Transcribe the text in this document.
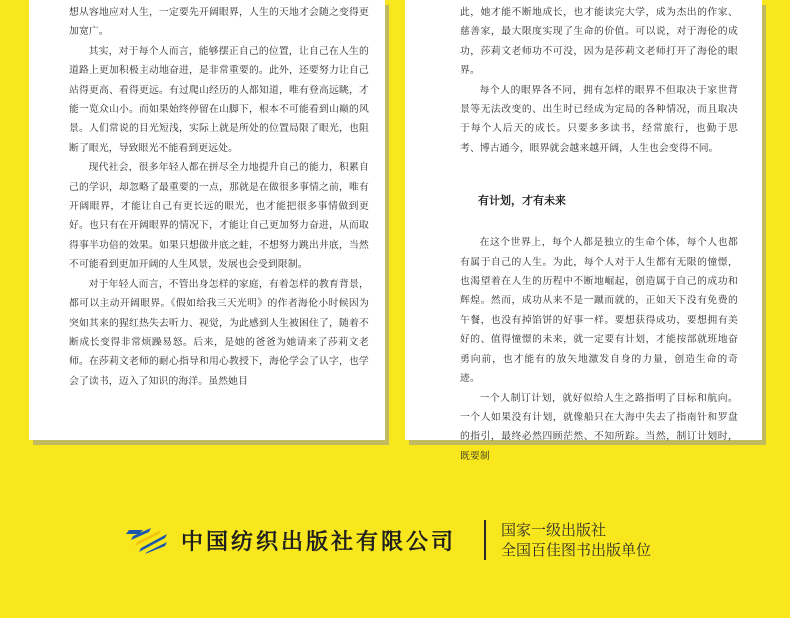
想从容地应对人生，一定要先开阔眼界，人生的天地才会随之变得更加宽广。

其实，对于每个人而言，能够摆正自己的位置，让自己在人生的道路上更加积极主动地奋进，是非常重要的。此外，还要努力让自己站得更高、看得更远。有过爬山经历的人都知道，唯有登高远眺，才能一览众山小。而如果始终停留在山脚下，根本不可能看到山巅的风景。人们常说的目光短浅，实际上就是所处的位置局限了眼光，也阻断了眼光，导致眼光不能看到更远处。

现代社会，很多年轻人都在拼尽全力地提升自己的能力，积累自己的学识，却忽略了最重要的一点，那就是在做很多事情之前，唯有开阔眼界，才能让自己有更长远的眼光，也才能把很多事情做到更好。也只有在开阔眼界的情况下，才能让自己更加努力奋进，从而取得事半功倍的效果。如果只想做井底之蛙，不想努力跳出井底，当然不可能看到更加开阔的人生风景，发展也会受到限制。

对于年轻人而言，不管出身怎样的家庭，有着怎样的教育背景，都可以主动开阔眼界。《假如给我三天光明》的作者海伦小时候因为突如其来的猩红热失去听力、视觉，为此感到人生被困住了，随着不断成长变得非常烦躁易怒。后来，是她的爸爸为她请来了莎莉文老师。在莎莉文老师的耐心指导和用心教授下，海伦学会了认字，也学会了读书，迈入了知识的海洋。虽然她目

此，她才能不断地成长，也才能读完大学，成为杰出的作家、慈善家，最大限度实现了生命的价值。可以说，对于海伦的成功，莎莉文老师功不可没，因为是莎莉文老师打开了海伦的眼界。

每个人的眼界各不同，拥有怎样的眼界不但取决于家世背景等无法改变的、出生时已经成为定局的各种情况，而且取决于每个人后天的成长。只要多多读书，经常旅行，也勤于思考、博古通今，眼界就会越来越开阔，人生也会变得不同。

有计划，才有未来

在这个世界上，每个人都是独立的生命个体，每个人也都有属于自己的人生。为此，每个人对于人生都有无限的憧憬，也渴望着在人生的历程中不断地崛起，创造属于自己的成功和辉煌。然而，成功从来不是一蹴而就的，正如天下没有免费的午餐，也没有掉馅饼的好事一样。要想获得成功，要想拥有美好的、值得憧憬的未来，就一定要有计划，才能按部就班地奋勇向前，也才能有的放矢地激发自身的力量，创造生命的奇迹。

一个人制订计划，就好似给人生之路指明了目标和航向。一个人如果没有计划，就像船只在大海中失去了指南针和罗盘的指引，最终必然四顾茫然、不知所踪。当然，制订计划时，既要制

中国纺织出版社有限公司	国家一级出版社
全国百佳图书出版单位
